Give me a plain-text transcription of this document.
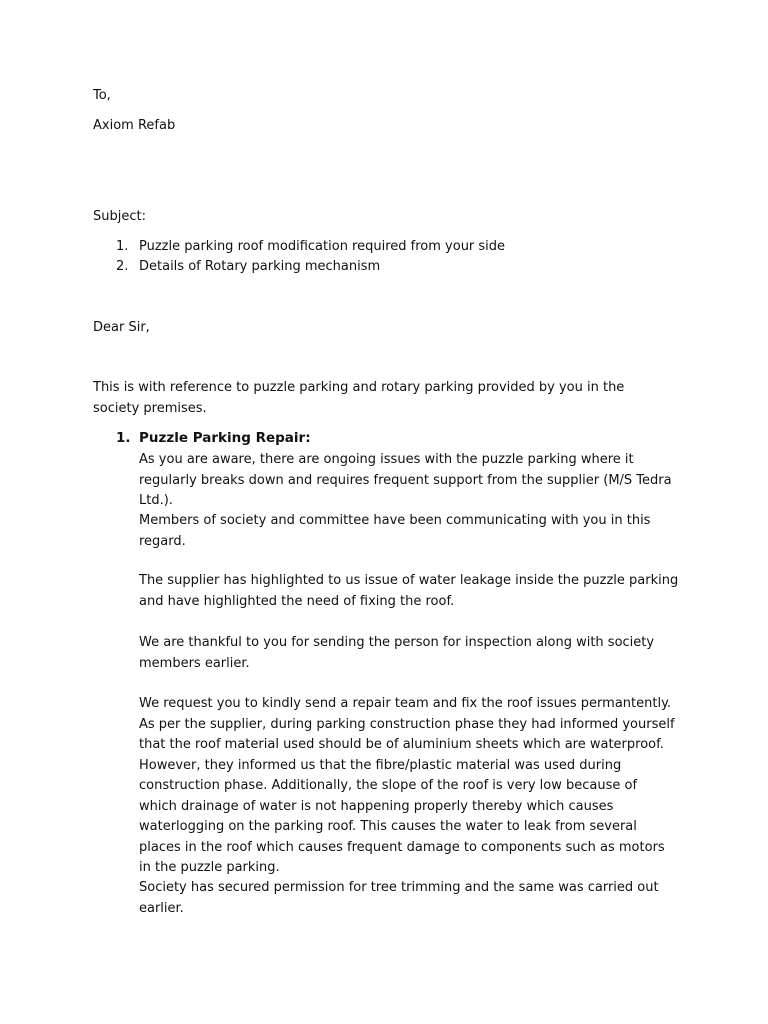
To,
Axiom Refab
Subject:
1. Puzzle parking roof modification required from your side
2. Details of Rotary parking mechanism
Dear Sir,
This is with reference to puzzle parking and rotary parking provided by you in the society premises.
1. Puzzle Parking Repair:
As you are aware, there are ongoing issues with the puzzle parking where it regularly breaks down and requires frequent support from the supplier (M/S Tedra Ltd.).
Members of society and committee have been communicating with you in this regard.
The supplier has highlighted to us issue of water leakage inside the puzzle parking and have highlighted the need of fixing the roof.
We are thankful to you for sending the person for inspection along with society members earlier.
We request you to kindly send a repair team and fix the roof issues permantently. As per the supplier, during parking construction phase they had informed yourself that the roof material used should be of aluminium sheets which are waterproof. However, they informed us that the fibre/plastic material was used during construction phase. Additionally, the slope of the roof is very low because of which drainage of water is not happening properly thereby which causes waterlogging on the parking roof. This causes the water to leak from several places in the roof which causes frequent damage to components such as motors in the puzzle parking.
Society has secured permission for tree trimming and the same was carried out earlier.
